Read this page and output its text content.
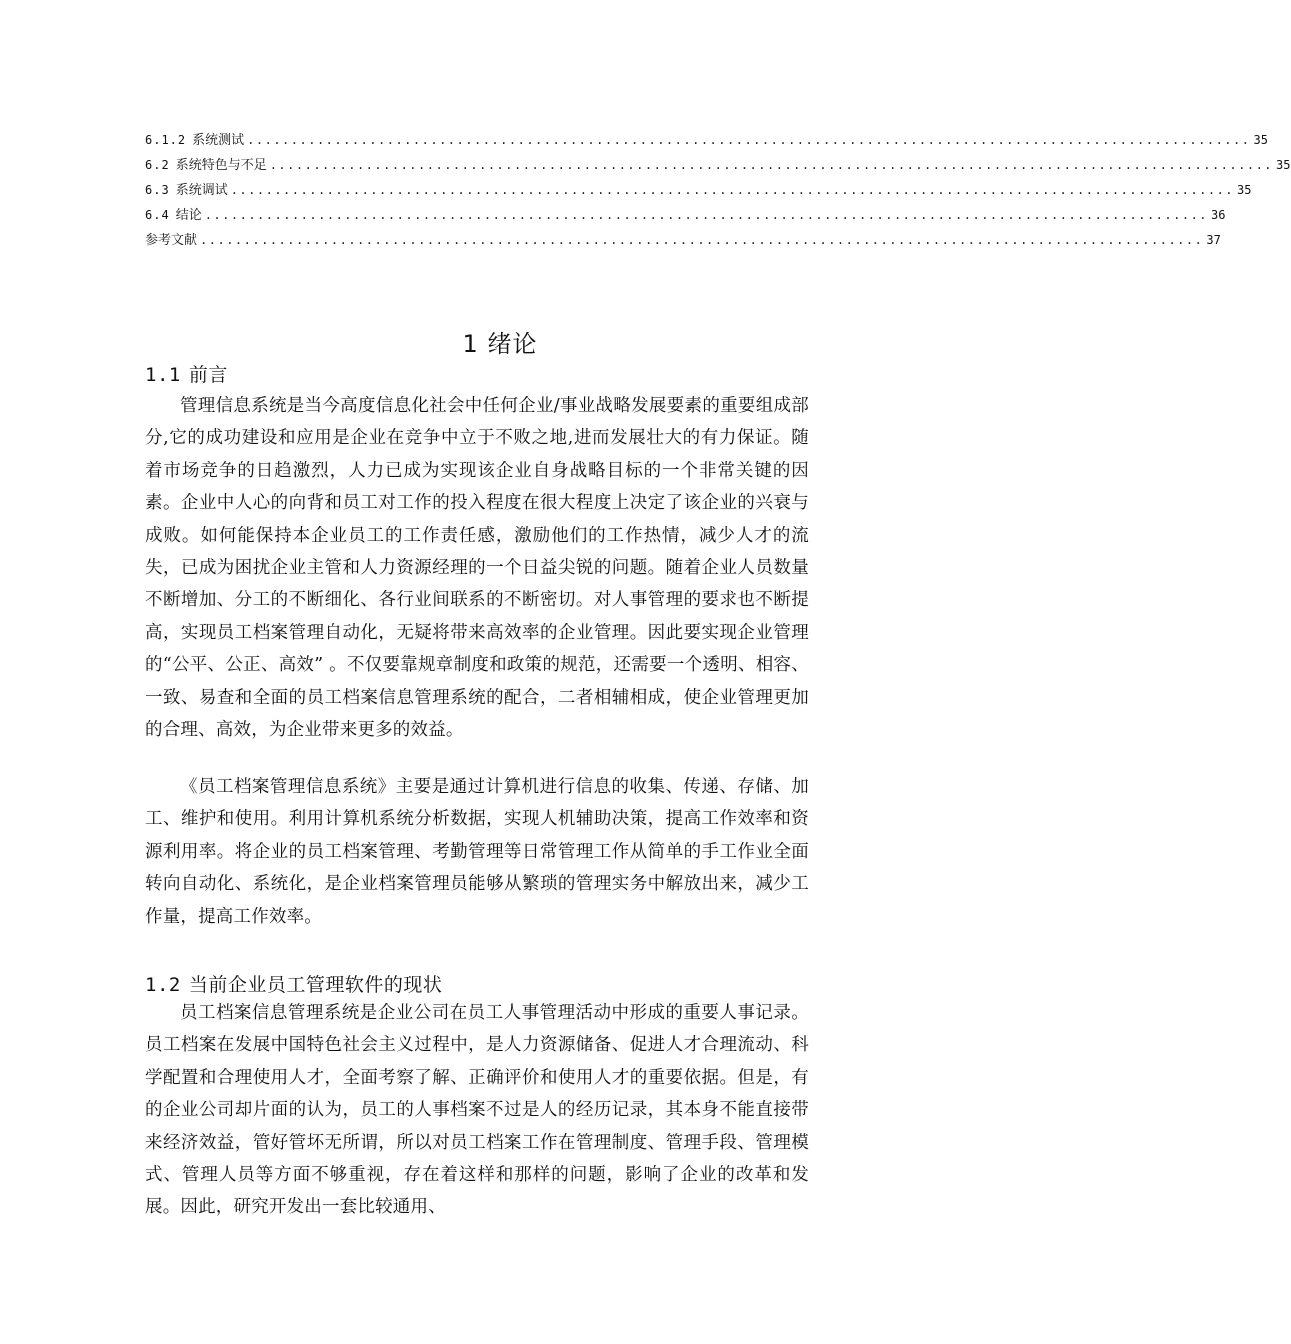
6.1.2 系统测试 ................................................................................................................... 35
6.2 系统特色与不足 ................................................................................................................... 35
6.3 系统调试 ................................................................................................................... 35
6.4 结论 ................................................................................................................... 36
参考文献 ................................................................................................................... 37
1 绪论
1.1 前言

管理信息系统是当今高度信息化社会中任何企业/事业战略发展要素的重要组成部分,它的成功建设和应用是企业在竞争中立于不败之地,进而发展壮大的有力保证。随着市场竞争的日趋激烈，人力已成为实现该企业自身战略目标的一个非常关键的因素。企业中人心的向背和员工对工作的投入程度在很大程度上决定了该企业的兴衰与成败。如何能保持本企业员工的工作责任感，激励他们的工作热情，减少人才的流失，已成为困扰企业主管和人力资源经理的一个日益尖锐的问题。随着企业人员数量不断增加、分工的不断细化、各行业间联系的不断密切。对人事管理的要求也不断提高，实现员工档案管理自动化，无疑将带来高效率的企业管理。因此要实现企业管理的“公平、公正、高效” 。不仅要靠规章制度和政策的规范，还需要一个透明、相容、一致、易查和全面的员工档案信息管理系统的配合，二者相辅相成，使企业管理更加的合理、高效，为企业带来更多的效益。

《员工档案管理信息系统》主要是通过计算机进行信息的收集、传递、存储、加工、维护和使用。利用计算机系统分析数据，实现人机辅助决策，提高工作效率和资源利用率。将企业的员工档案管理、考勤管理等日常管理工作从简单的手工作业全面转向自动化、系统化，是企业档案管理员能够从繁琐的管理实务中解放出来，减少工作量，提高工作效率。

1.2 当前企业员工管理软件的现状

员工档案信息管理系统是企业公司在员工人事管理活动中形成的重要人事记录。员工档案在发展中国特色社会主义过程中，是人力资源储备、促进人才合理流动、科学配置和合理使用人才，全面考察了解、正确评价和使用人才的重要依据。但是，有的企业公司却片面的认为，员工的人事档案不过是人的经历记录，其本身不能直接带来经济效益，管好管坏无所谓，所以对员工档案工作在管理制度、管理手段、管理模式、管理人员等方面不够重视，存在着这样和那样的问题，影响了企业的改革和发展。因此，研究开发出一套比较通用、
